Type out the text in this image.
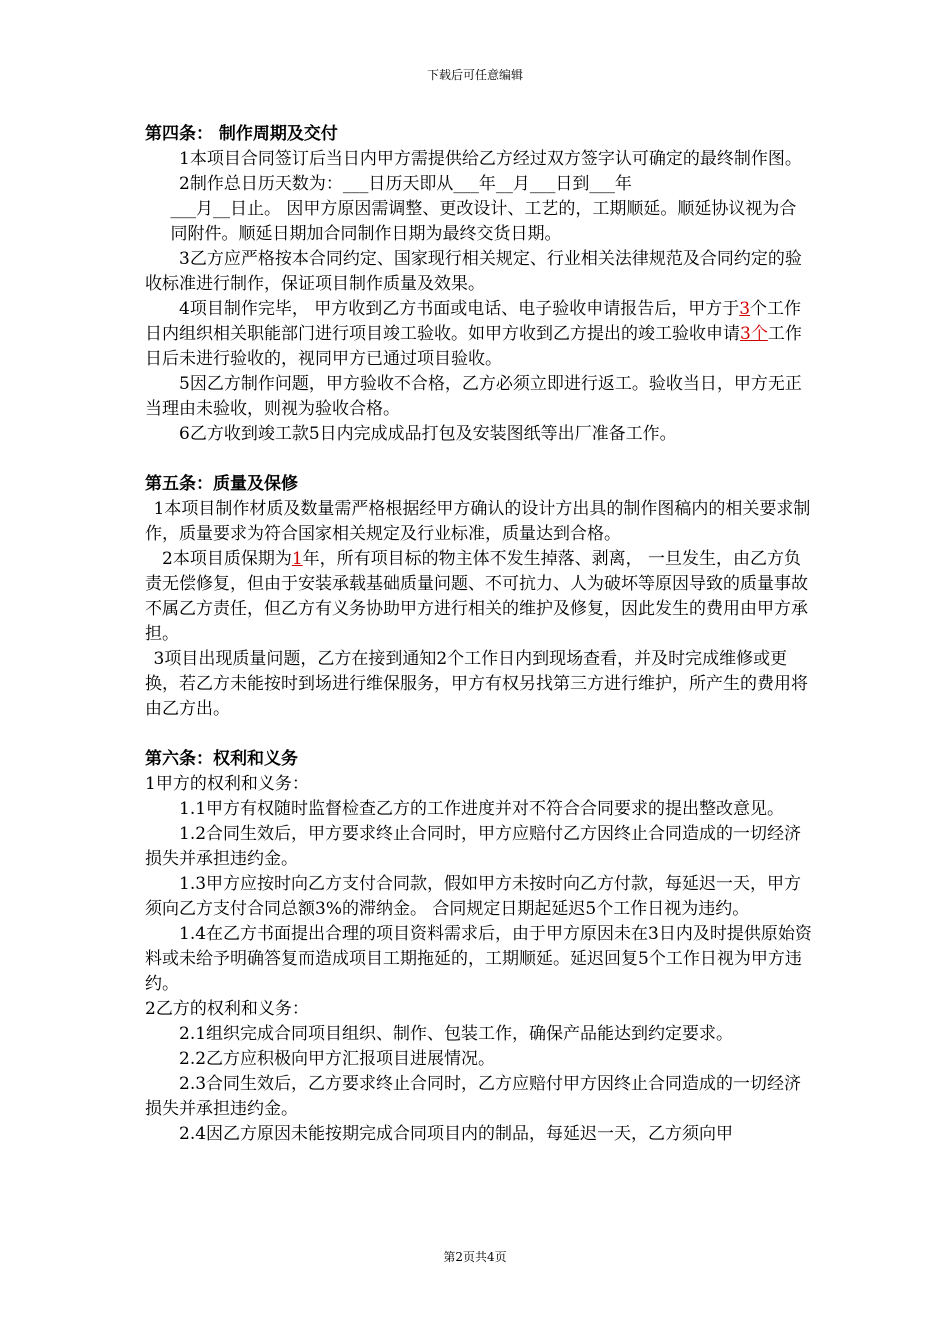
下载后可任意编辑

第四条： 制作周期及交付

1本项目合同签订后当日内甲方需提供给乙方经过双方签字认可确定的最终制作图。

2制作总日历天数为：___日历天即从___年__月___日到___年

___月__日止。 因甲方原因需调整、更改设计、工艺的，工期顺延。顺延协议视为合同附件。顺延日期加合同制作日期为最终交货日期。

3乙方应严格按本合同约定、国家现行相关规定、行业相关法律规范及合同约定的验收标准进行制作，保证项目制作质量及效果。

4项目制作完毕， 甲方收到乙方书面或电话、电子验收申请报告后，甲方于3个工作日内组织相关职能部门进行项目竣工验收。如甲方收到乙方提出的竣工验收申请3个工作日后未进行验收的，视同甲方已通过项目验收。

5因乙方制作问题，甲方验收不合格，乙方必须立即进行返工。验收当日，甲方无正当理由未验收，则视为验收合格。

6乙方收到竣工款5日内完成成品打包及安装图纸等出厂准备工作。

第五条：质量及保修

1本项目制作材质及数量需严格根据经甲方确认的设计方出具的制作图稿内的相关要求制作，质量要求为符合国家相关规定及行业标准，质量达到合格。

2本项目质保期为1年，所有项目标的物主体不发生掉落、剥离， 一旦发生，由乙方负责无偿修复，但由于安装承载基础质量问题、不可抗力、人为破坏等原因导致的质量事故不属乙方责任，但乙方有义务协助甲方进行相关的维护及修复，因此发生的费用由甲方承担。

3项目出现质量问题，乙方在接到通知2个工作日内到现场查看，并及时完成维修或更换，若乙方未能按时到场进行维保服务，甲方有权另找第三方进行维护，所产生的费用将由乙方出。

第六条：权利和义务

1甲方的权利和义务：

1.1甲方有权随时监督检查乙方的工作进度并对不符合合同要求的提出整改意见。

1.2合同生效后，甲方要求终止合同时，甲方应赔付乙方因终止合同造成的一切经济损失并承担违约金。

1.3甲方应按时向乙方支付合同款，假如甲方未按时向乙方付款，每延迟一天，甲方须向乙方支付合同总额3%的滞纳金。 合同规定日期起延迟5个工作日视为违约。

1.4在乙方书面提出合理的项目资料需求后，由于甲方原因未在3日内及时提供原始资料或未给予明确答复而造成项目工期拖延的，工期顺延。延迟回复5个工作日视为甲方违约。

2乙方的权利和义务：

2.1组织完成合同项目组织、制作、包装工作，确保产品能达到约定要求。

2.2乙方应积极向甲方汇报项目进展情况。

2.3合同生效后，乙方要求终止合同时，乙方应赔付甲方因终止合同造成的一切经济损失并承担违约金。

2.4因乙方原因未能按期完成合同项目内的制品，每延迟一天，乙方须向甲

第2页共4页
